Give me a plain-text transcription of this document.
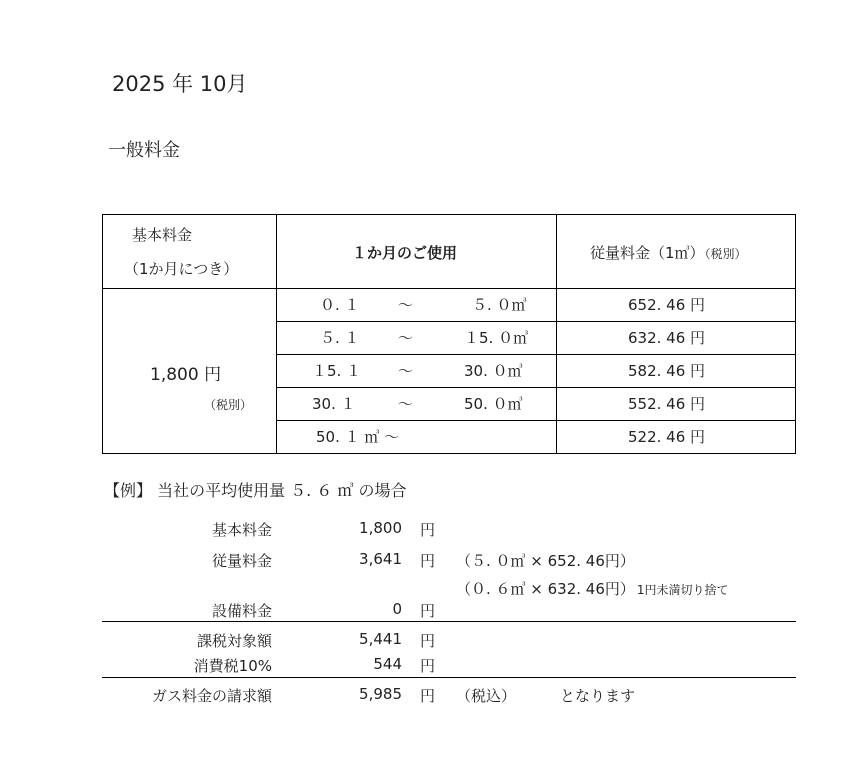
2025 年 10月
一般料金
基本料金
（1か月につき）
１か月のご使用	従量料金（1㎥）（税別）
1,800 円
（税別）
０. １	～	５. ０㎥	652. 46 円
５. １	～	１5. ０㎥	632. 46 円
１5. １ ～	30. ０㎥	582. 46 円
30. １	～	50. ０㎥	552. 46 円
50. １ ㎥ ～	522. 46 円
【例】 当社の平均使用量 ５. ６ ㎥ の場合
基本料金	1,800 円
従量料金	3,641 円 （５. ０㎥ × 652. 46円）
（０. ６㎥ × 632. 46円） 1円未満切り捨て
設備料金	0 円
課税対象額	5,441 円
消費税10%	544 円
ガス料金の請求額	5,985 円 （税込）	となります
